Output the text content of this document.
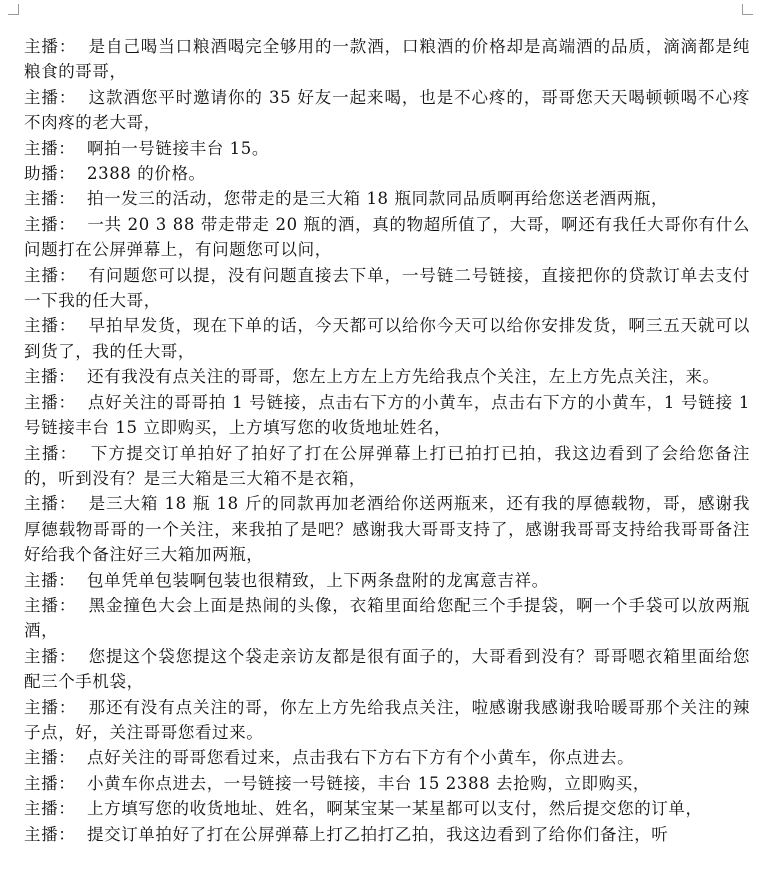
主播：  是自己喝当口粮酒喝完全够用的一款酒，口粮酒的价格却是高端酒的品质，滴滴都是纯粮食的哥哥，

主播：  这款酒您平时邀请你的 35 好友一起来喝，也是不心疼的，哥哥您天天喝顿顿喝不心疼不肉疼的老大哥，

主播：  啊拍一号链接丰台 15。

助播：  2388 的价格。

主播：  拍一发三的活动，您带走的是三大箱 18 瓶同款同品质啊再给您送老酒两瓶，

主播：  一共 20 3 88 带走带走 20 瓶的酒，真的物超所值了，大哥，啊还有我任大哥你有什么问题打在公屏弹幕上，有问题您可以问，

主播：  有问题您可以提，没有问题直接去下单，一号链二号链接，直接把你的贷款订单去支付一下我的任大哥，

主播：  早拍早发货，现在下单的话，今天都可以给你今天可以给你安排发货，啊三五天就可以到货了，我的任大哥，

主播：  还有我没有点关注的哥哥，您左上方左上方先给我点个关注，左上方先点关注，来。

主播：  点好关注的哥哥拍 1 号链接，点击右下方的小黄车，点击右下方的小黄车，1 号链接 1 号链接丰台 15 立即购买，上方填写您的收货地址姓名，

主播：  下方提交订单拍好了拍好了打在公屏弹幕上打已拍打已拍，我这边看到了会给您备注的，听到没有？是三大箱是三大箱不是衣箱，

主播：  是三大箱 18 瓶 18 斤的同款再加老酒给你送两瓶来，还有我的厚德载物，哥，感谢我厚德载物哥哥的一个关注，来我拍了是吧？感谢我大哥哥支持了，感谢我哥哥支持给我哥哥备注好给我个备注好三大箱加两瓶，

主播：  包单凭单包装啊包装也很精致，上下两条盘附的龙寓意吉祥。

主播：  黑金撞色大会上面是热闹的头像，衣箱里面给您配三个手提袋，啊一个手袋可以放两瓶酒，

主播：  您提这个袋您提这个袋走亲访友都是很有面子的，大哥看到没有？哥哥嗯衣箱里面给您配三个手机袋，

主播：  那还有没有点关注的哥，你左上方先给我点关注，啦感谢我感谢我哈暖哥那个关注的辣子点，好，关注哥哥您看过来。

主播：  点好关注的哥哥您看过来，点击我右下方右下方有个小黄车，你点进去。

主播：  小黄车你点进去，一号链接一号链接，丰台 15 2388 去抢购，立即购买，

主播：  上方填写您的收货地址、姓名，啊某宝某一某星都可以支付，然后提交您的订单，

主播：  提交订单拍好了打在公屏弹幕上打乙拍打乙拍，我这边看到了给你们备注，听
